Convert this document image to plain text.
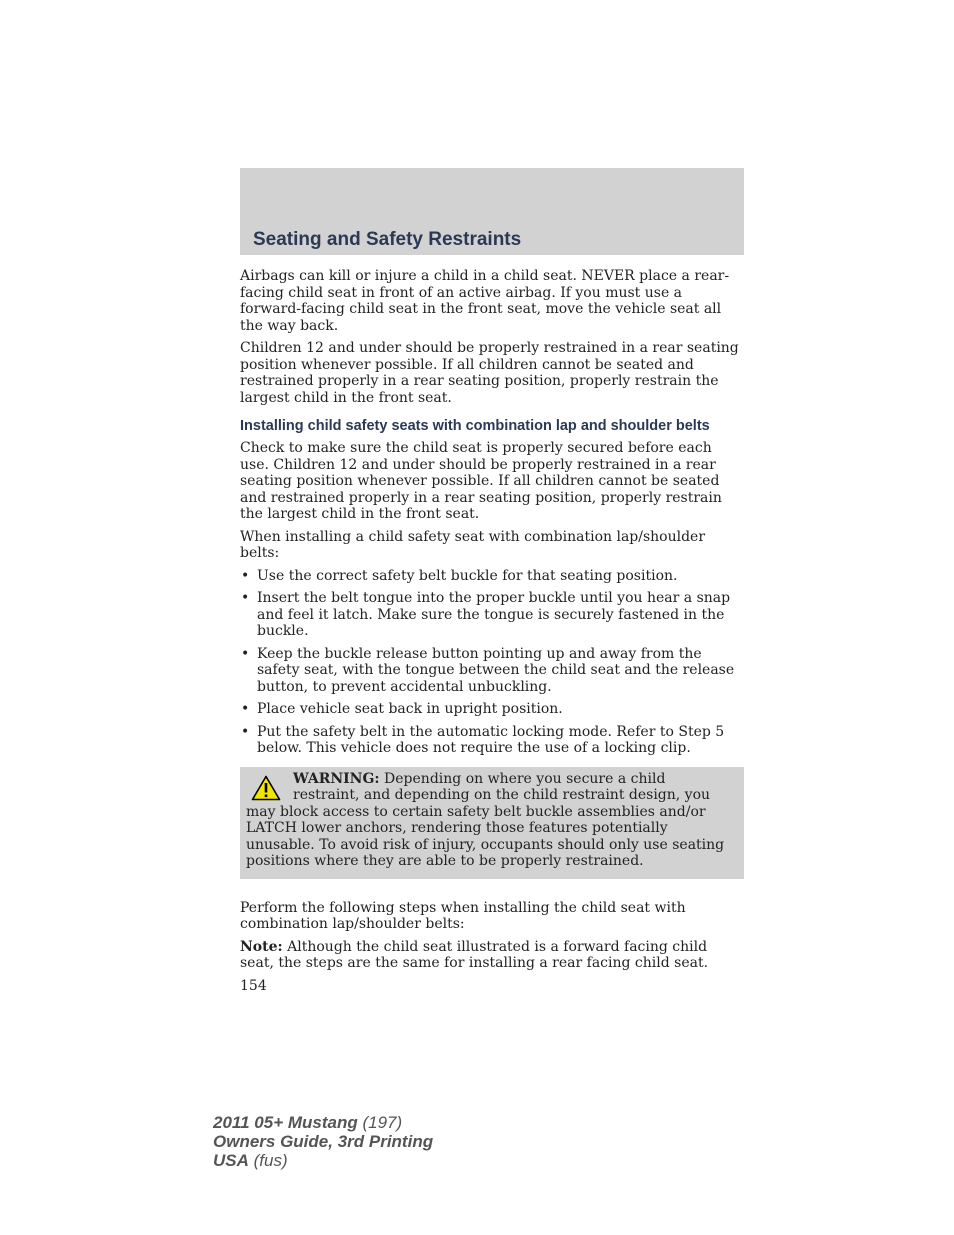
Seating and Safety Restraints

Airbags can kill or injure a child in a child seat. NEVER place a rear-facing child seat in front of an active airbag. If you must use a forward-facing child seat in the front seat, move the vehicle seat all the way back.

Children 12 and under should be properly restrained in a rear seating position whenever possible. If all children cannot be seated and restrained properly in a rear seating position, properly restrain the largest child in the front seat.

Installing child safety seats with combination lap and shoulder belts

Check to make sure the child seat is properly secured before each use. Children 12 and under should be properly restrained in a rear seating position whenever possible. If all children cannot be seated and restrained properly in a rear seating position, properly restrain the largest child in the front seat.

When installing a child safety seat with combination lap/shoulder belts:

• Use the correct safety belt buckle for that seating position.
• Insert the belt tongue into the proper buckle until you hear a snap and feel it latch. Make sure the tongue is securely fastened in the buckle.
• Keep the buckle release button pointing up and away from the safety seat, with the tongue between the child seat and the release button, to prevent accidental unbuckling.
• Place vehicle seat back in upright position.
• Put the safety belt in the automatic locking mode. Refer to Step 5 below. This vehicle does not require the use of a locking clip.
WARNING: Depending on where you secure a child restraint, and depending on the child restraint design, you may block access to certain safety belt buckle assemblies and/or LATCH lower anchors, rendering those features potentially unusable. To avoid risk of injury, occupants should only use seating positions where they are able to be properly restrained.

Perform the following steps when installing the child seat with combination lap/shoulder belts:

Note: Although the child seat illustrated is a forward facing child seat, the steps are the same for installing a rear facing child seat.

154
2011 05+ Mustang (197)
Owners Guide, 3rd Printing
USA (fus)
